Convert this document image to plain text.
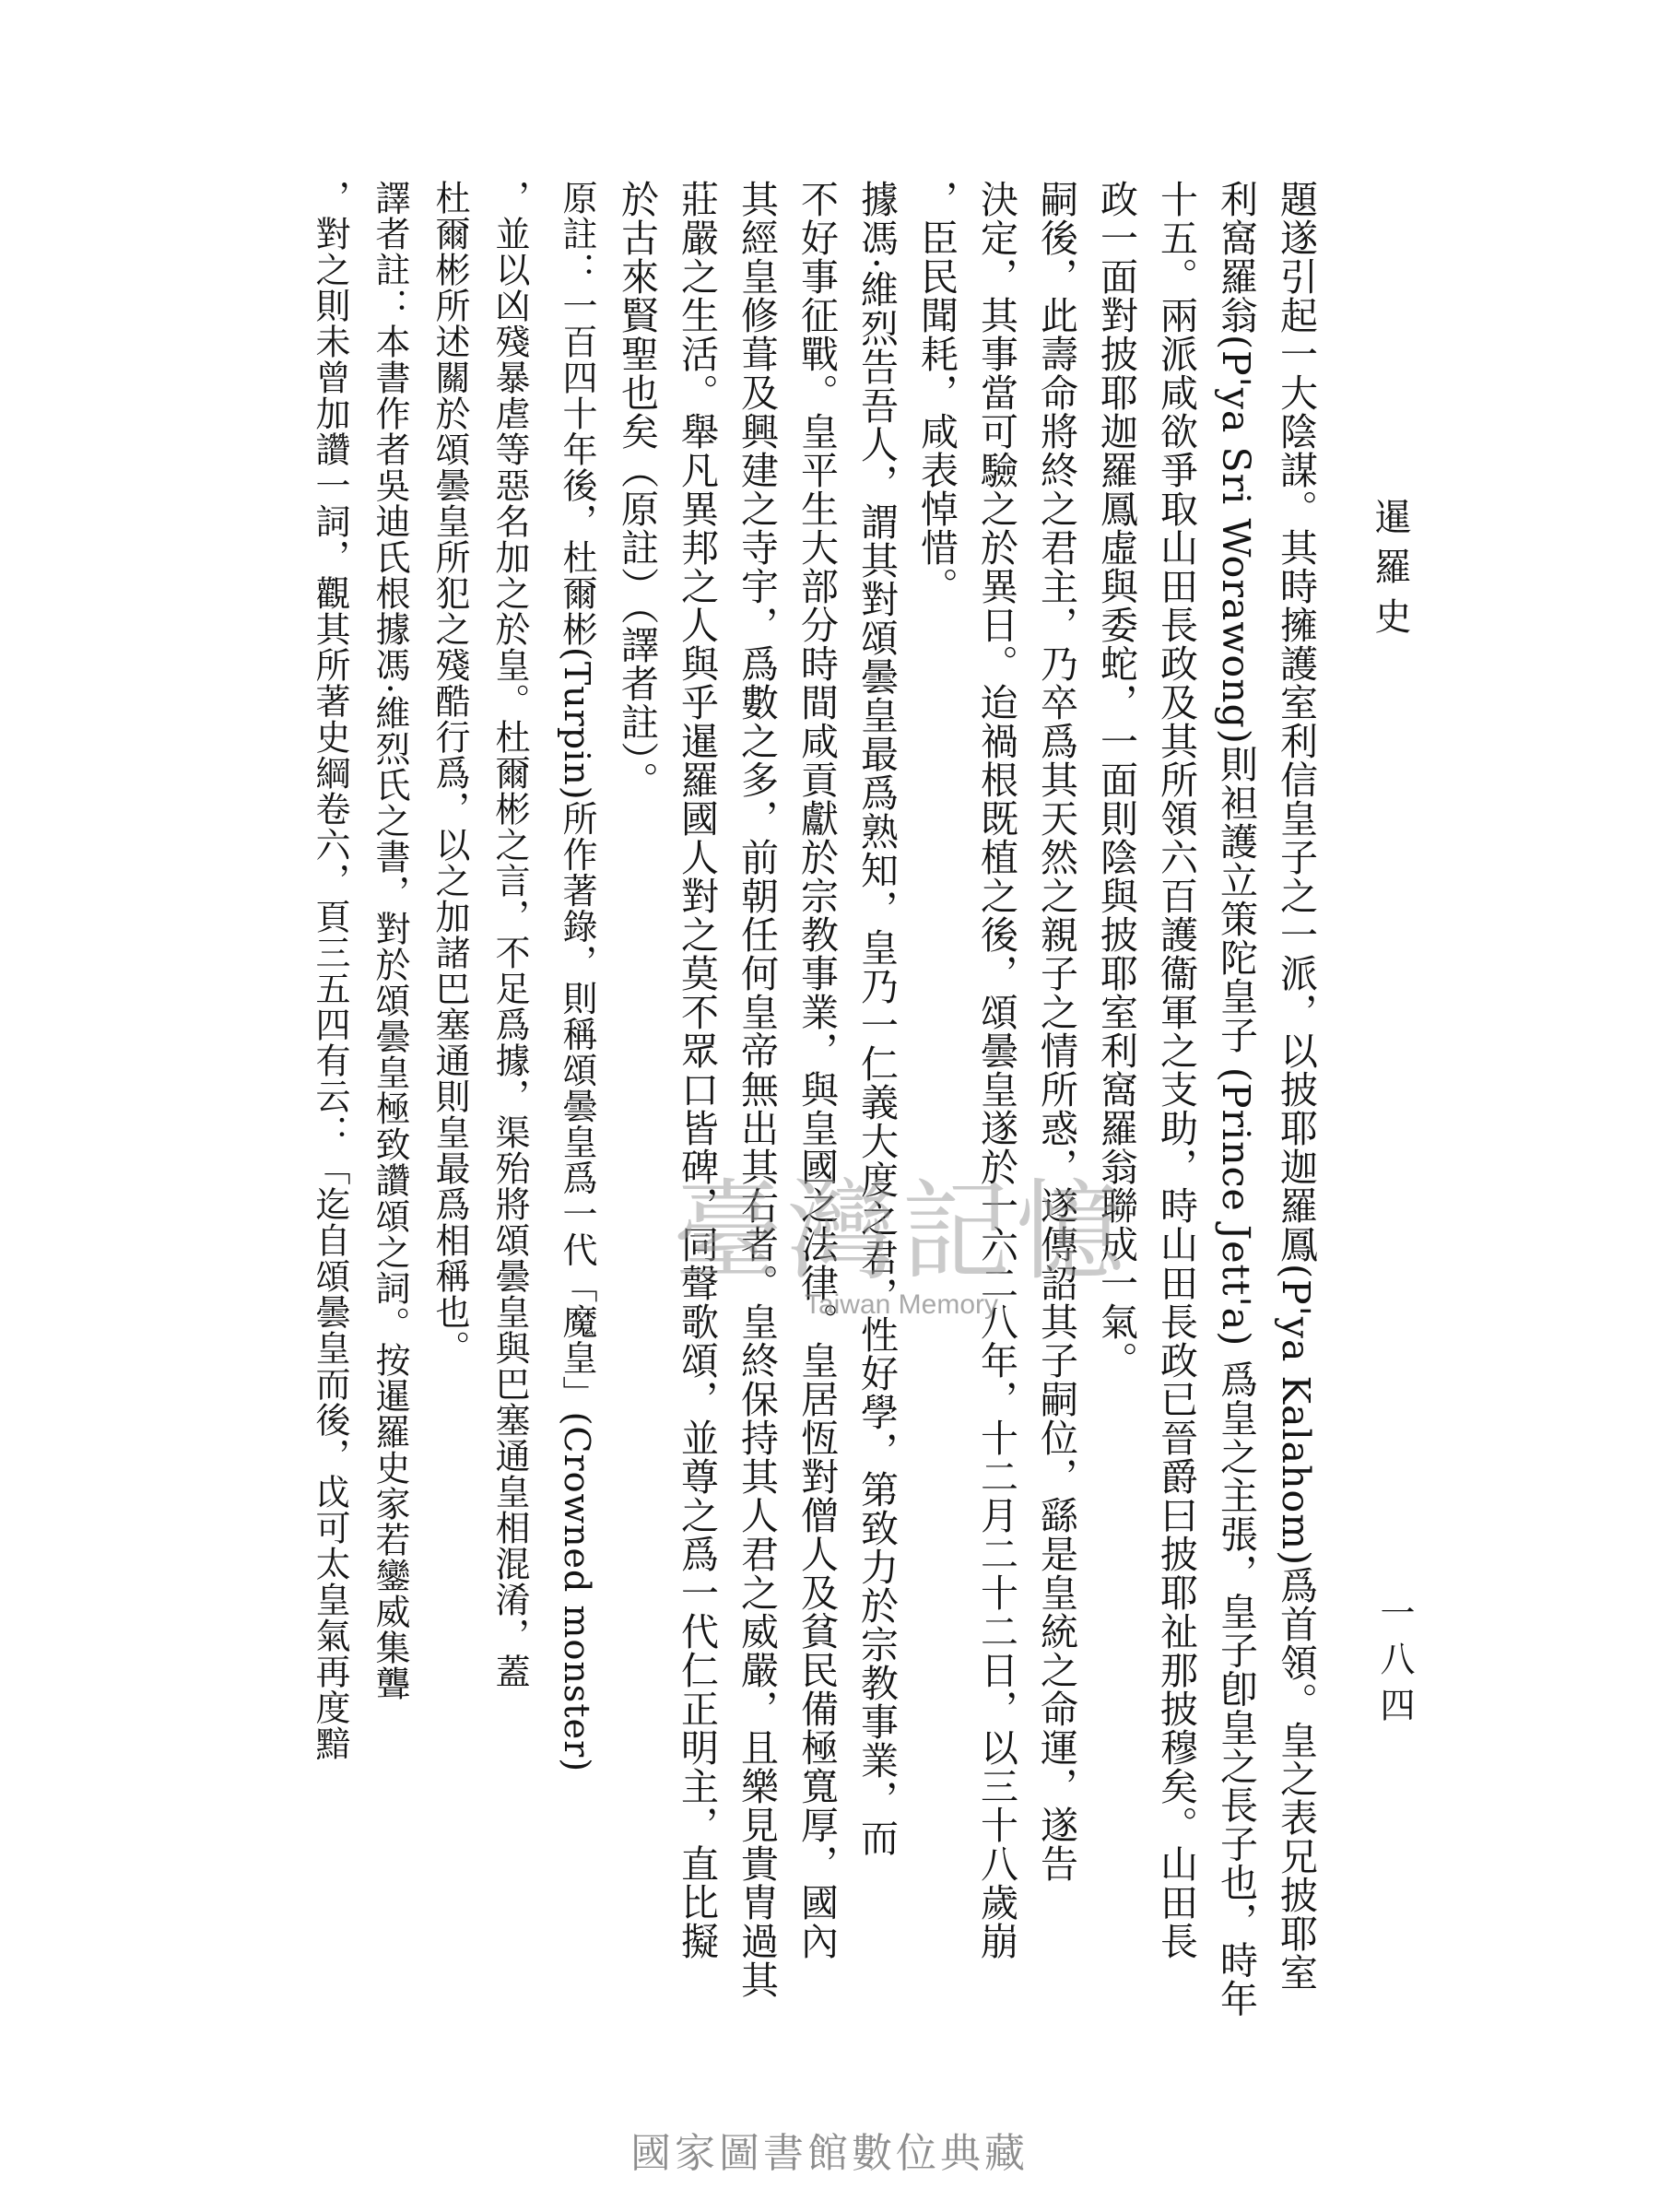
暹羅史
一八四
題遂引起一大陰謀。其時擁護室利信皇子之一派，以披耶迦羅鳳(P'ya Kalahom)爲首領。皇之表兄披耶室
利窩羅翁(P'ya Sri Worawong)則袒護立策陀皇子 (Prince Jett'a) 爲皇之主張，皇子卽皇之長子也，時年
十五。兩派咸欲爭取山田長政及其所領六百護衞軍之支助，時山田長政已晉爵曰披耶祉那披穆矣。山田長
政一面對披耶迦羅鳳虛與委蛇，一面則陰與披耶室利窩羅翁聯成一氣。
嗣後，此壽命將終之君主，乃卒爲其天然之親子之情所惑，遂傳詔其子嗣位，繇是皇統之命運，遂告
決定，其事當可驗之於異日。迨禍根既植之後，頌曇皇遂於一六二八年，十二月二十二日，以三十八歲崩
，臣民聞耗，咸表悼惜。
據馮·維烈告吾人，謂其對頌曇皇最爲熟知，皇乃一仁義大度之君，性好學，第致力於宗教事業，而
不好事征戰。皇平生大部分時間咸貢獻於宗教事業，與皇國之法律。皇居恆對僧人及貧民備極寬厚，國內
其經皇修葺及興建之寺宇，爲數之多，前朝任何皇帝無出其右者。皇終保持其人君之威嚴，且樂見貴胄過其
莊嚴之生活。舉凡異邦之人與乎暹羅國人對之莫不眾口皆碑，同聲歌頌，並尊之爲一代仁正明主，直比擬
於古來賢聖也矣（原註）（譯者註）。
原註：一百四十年後，杜爾彬(Turpin)所作著錄，則稱頌曇皇爲一代「魔皇」(Crowned monster)
，並以凶殘暴虐等惡名加之於皇。杜爾彬之言，不足爲據，渠殆將頌曇皇與巴塞通皇相混淆，蓋
杜爾彬所述關於頌曇皇所犯之殘酷行爲，以之加諸巴塞通則皇最爲相稱也。
譯者註：本書作者吳迪氏根據馮·維烈氏之書，對於頌曇皇極致讚頌之詞。按暹羅史家若鑾威集聾
，對之則未曾加讚一詞，觀其所著史綱卷六，頁三五四有云：「迄自頌曇皇而後，戉可太皇氣再度黯	臺灣記憶
Taiwan Memory
國家圖書館數位典藏
